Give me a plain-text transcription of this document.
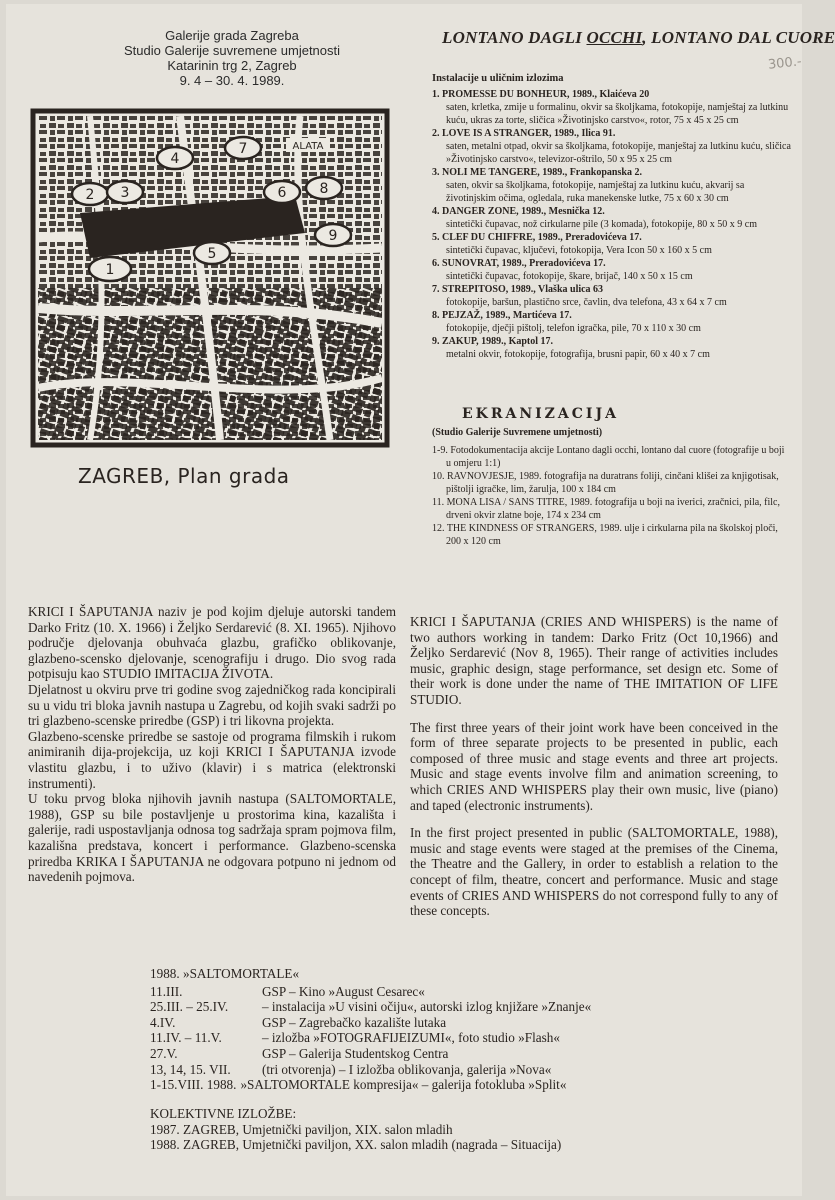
Galerije grada Zagreba
Studio Galerije suvremene umjetnosti
Katarinin trg 2, Zagreb
9. 4 – 30. 4. 1989.
1
2 3
4
5
6
7
8
9
ALATA
ZAGREB, Plan grada
LONTANO DAGLI OCCHI, LONTANO DAL CUORE
300.-
Instalacije u uličnim izlozima
1. PROMESSE DU BONHEUR, 1989., Klaićeva 20
saten, krletka, zmije u formalinu, okvir sa školjkama, fotokopije, namještaj za lutkinu kuću, ukras za torte, sličica »Životinjsko carstvo«, rotor, 75 x 45 x 25 cm
2. LOVE IS A STRANGER, 1989., Ilica 91.
saten, metalni otpad, okvir sa školjkama, fotokopije, manještaj za lutkinu kuću, sličica »Životinjsko carstvo«, televizor-oštrilo, 50 x 95 x 25 cm
3. NOLI ME TANGERE, 1989., Frankopanska 2.
saten, okvir sa školjkama, fotokopije, namještaj za lutkinu kuću, akvarij sa životinjskim očima, ogledala, ruka manekenske lutke, 75 x 60 x 30 cm
4. DANGER ZONE, 1989., Mesnička 12.
sintetički čupavac, nož cirkularne pile (3 komada), fotokopije, 80 x 50 x 9 cm
5. CLEF DU CHIFFRE, 1989., Preradovićeva 17.
sintetički čupavac, ključevi, fotokopija, Vera Icon 50 x 160 x 5 cm
6. SUNOVRAT, 1989., Preradovićeva 17.
sintetički čupavac, fotokopije, škare, brijač, 140 x 50 x 15 cm
7. STREPITOSO, 1989., Vlaška ulica 63
fotokopije, baršun, plastično srce, čavlin, dva telefona, 43 x 64 x 7 cm
8. PEJZAŽ, 1989., Martićeva 17.
fotokopije, dječji pištolj, telefon igračka, pile, 70 x 110 x 30 cm
9. ZAKUP, 1989., Kaptol 17.
metalni okvir, fotokopije, fotografija, brusni papir, 60 x 40 x 7 cm
EKRANIZACIJA
(Studio Galerije Suvremene umjetnosti)
1-9. Fotodokumentacija akcije Lontano dagli occhi, lontano dal cuore (fotografije u boji
u omjeru 1:1)
10. RAVNOVJESJE, 1989. fotografija na duratrans foliji, cinčani klišei za knjigotisak,
pištolji igračke, lim, žarulja, 100 x 184 cm
11. MONA LISA / SANS TITRE, 1989. fotografija u boji na iverici, zračnici, pila, filc,
drveni okvir zlatne boje, 174 x 234 cm
12. THE KINDNESS OF STRANGERS, 1989. ulje i cirkularna pila na školskoj ploči,
200 x 120 cm

KRICI I ŠAPUTANJA naziv je pod kojim djeluje autorski tandem Darko Fritz (10. X. 1966) i Željko Serdarević (8. XI. 1965). Njihovo područje djelovanja obuhvaća glazbu, grafičko oblikovanje, glazbeno-scensko djelovanje, scenografiju i drugo. Dio svog rada potpisuju kao STUDIO IMITACIJA ŽIVOTA.

Djelatnost u okviru prve tri godine svog zajedničkog rada koncipirali su u vidu tri bloka javnih nastupa u Zagrebu, od kojih svaki sadrži po tri glazbeno-scenske priredbe (GSP) i tri likovna projekta.

Glazbeno-scenske priredbe se sastoje od programa filmskih i rukom animiranih dija-projekcija, uz koji KRICI I ŠAPUTANJA izvode vlastitu glazbu, i to uživo (klavir) i s matrica (elektronski instrumenti).

U toku prvog bloka njihovih javnih nastupa (SALTOMORTALE, 1988), GSP su bile postavljenje u prostorima kina, kazališta i galerije, radi uspostavljanja odnosa tog sadržaja spram pojmova film, kazališna predstava, koncert i performance. Glazbeno-scenska priredba KRIKA I ŠAPUTANJA ne odgovara potpuno ni jednom od navedenih pojmova.

KRICI I ŠAPUTANJA (CRIES AND WHISPERS) is the name of two authors working in tandem: Darko Fritz (Oct 10,1966) and Željko Serdarević (Nov 8, 1965). Their range of activities includes music, graphic design, stage performance, set design etc. Some of their work is done under the name of THE IMITATION OF LIFE STUDIO.

The first three years of their joint work have been conceived in the form of three separate projects to be presented in public, each composed of three music and stage events and three art projects. Music and stage events involve film and animation screening, to which CRIES AND WHISPERS play their own music, live (piano) and taped (electronic instruments).

In the first project presented in public (SALTOMORTALE, 1988), music and stage events were staged at the premises of the Cinema, the Theatre and the Gallery, in order to establish a relation to the concept of film, theatre, concert and performance. Music and stage events of CRIES AND WHISPERS do not correspond fully to any of these concepts.

1988. »SALTOMORTALE«
11.III.	GSP – Kino »August Cesarec«
25.III. – 25.IV.	– instalacija »U visini očiju«, autorski izlog knjižare »Znanje«
4.IV.	GSP – Zagrebačko kazalište lutaka
11.IV. – 11.V.	– izložba »FOTOGRAFIJEIZUMI«, foto studio »Flash«
27.V.	GSP – Galerija Studentskog Centra
13, 14, 15. VII.	(tri otvorenja) – I izložba oblikovanja, galerija »Nova«
1-15.VIII. 1988. »SALTOMORTALE kompresija« – galerija fotokluba »Split«
KOLEKTIVNE IZLOŽBE:
1987. ZAGREB, Umjetnički paviljon, XIX. salon mladih
1988. ZAGREB, Umjetnički paviljon, XX. salon mladih (nagrada – Situacija)
